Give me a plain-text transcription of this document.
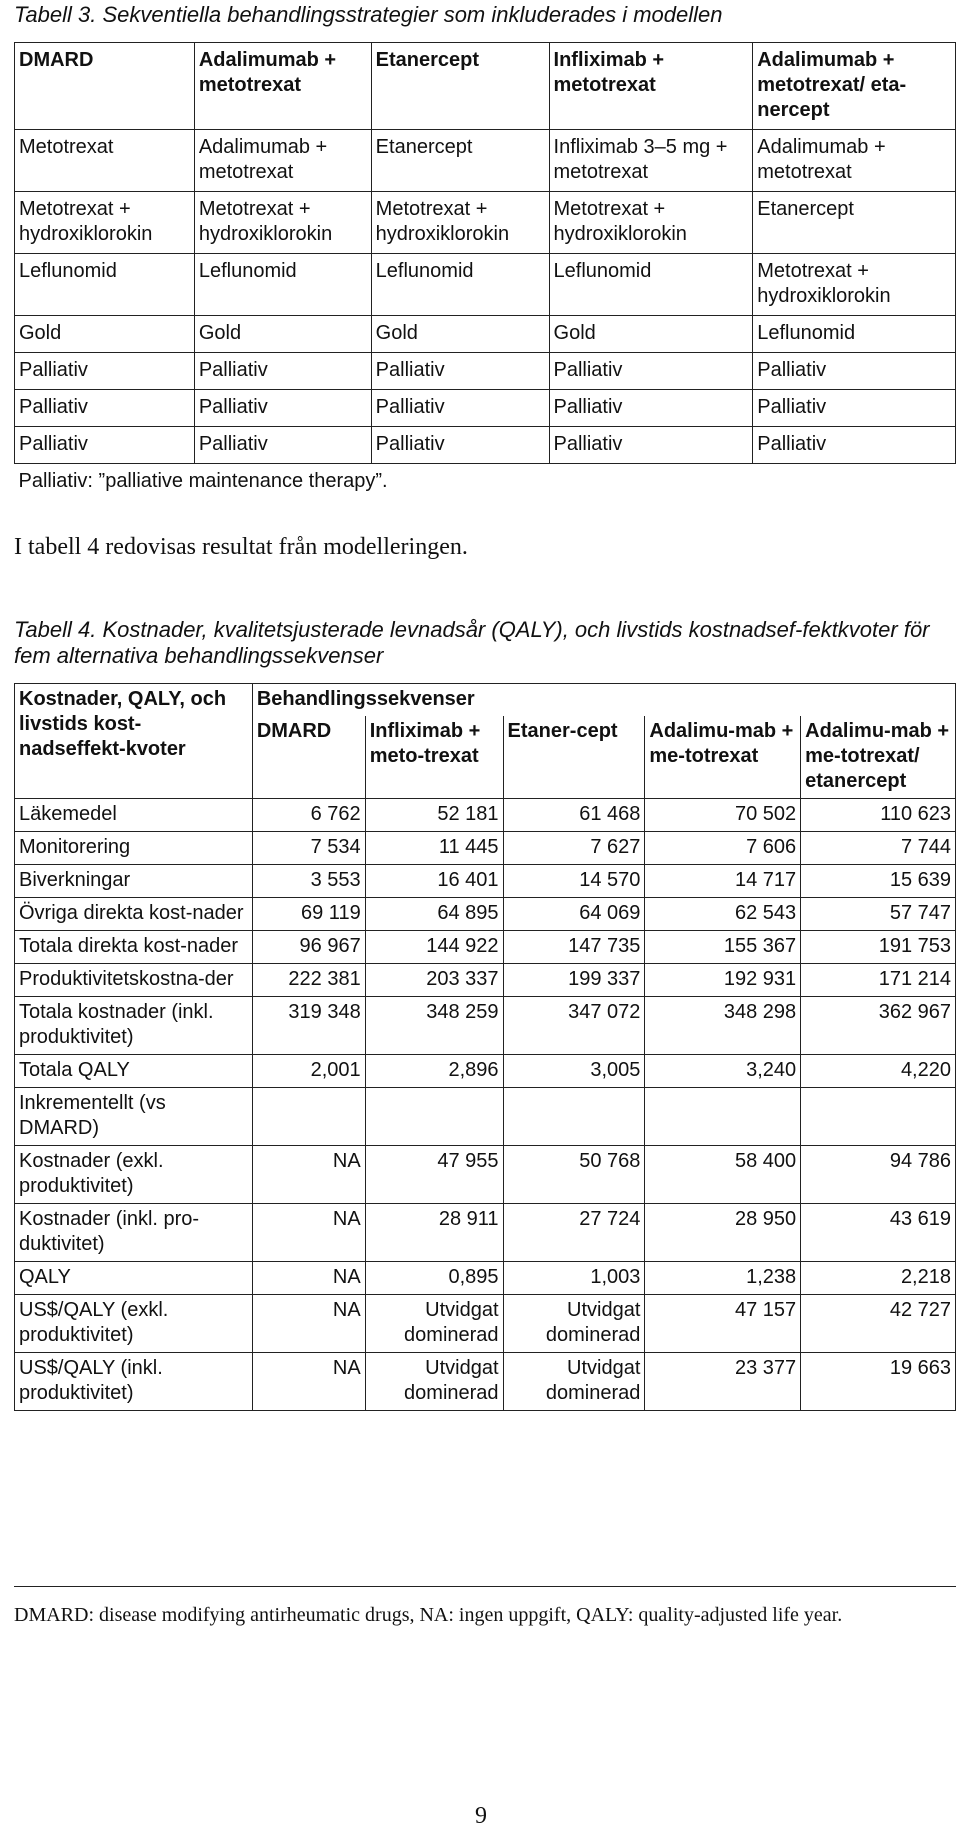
Tabell 3. Sekventiella behandlingsstrategier som inkluderades i modellen
DMARD	Adalimumab + metotrexat	Etanercept	Infliximab + metotrexat	Adalimumab + metotrexat/ eta-nercept
Metotrexat	Adalimumab + metotrexat	Etanercept	Infliximab 3–5 mg + metotrexat	Adalimumab + metotrexat
Metotrexat + hydroxiklorokin	Metotrexat + hydroxiklorokin	Metotrexat + hydroxiklorokin	Metotrexat + hydroxiklorokin	Etanercept
Leflunomid	Leflunomid	Leflunomid	Leflunomid	Metotrexat + hydroxiklorokin
Gold	Gold	Gold	Gold	Leflunomid
Palliativ	Palliativ	Palliativ	Palliativ	Palliativ
Palliativ	Palliativ	Palliativ	Palliativ	Palliativ
Palliativ	Palliativ	Palliativ	Palliativ	Palliativ
Palliativ: ”palliative maintenance therapy”.				
I tabell 4 redovisas resultat från modelleringen.
Tabell 4. Kostnader, kvalitetsjusterade levnadsår (QALY), och livstids kostnadsef-fektkvoter för fem alternativa behandlingssekvenser
Kostnader, QALY, och livstids kost-nadseffekt-kvoter	Behandlingssekvenser				
	DMARD	Infliximab + meto-trexat	Etaner-cept	Adalimu-mab + me-totrexat	Adalimu-mab + me-totrexat/ etanercept
Läkemedel	6 762	52 181	61 468	70 502	110 623
Monitorering	7 534	11 445	7 627	7 606	7 744
Biverkningar	3 553	16 401	14 570	14 717	15 639
Övriga direkta kost-nader	69 119	64 895	64 069	62 543	57 747
Totala direkta kost-nader	96 967	144 922	147 735	155 367	191 753
Produktivitetskostna-der	222 381	203 337	199 337	192 931	171 214
Totala kostnader (inkl. produktivitet)	319 348	348 259	347 072	348 298	362 967
Totala QALY	2,001	2,896	3,005	3,240	4,220
Inkrementellt (vs DMARD)					
Kostnader (exkl. produktivitet)	NA	47 955	50 768	58 400	94 786
Kostnader (inkl. pro-duktivitet)	NA	28 911	27 724	28 950	43 619
QALY	NA	0,895	1,003	1,238	2,218
US$/QALY (exkl. produktivitet)	NA	Utvidgat dominerad	Utvidgat dominerad	47 157	42 727
US$/QALY (inkl. produktivitet)	NA	Utvidgat dominerad	Utvidgat dominerad	23 377	19 663
DMARD: disease modifying antirheumatic drugs, NA: ingen uppgift, QALY: quality-adjusted life year.
9
